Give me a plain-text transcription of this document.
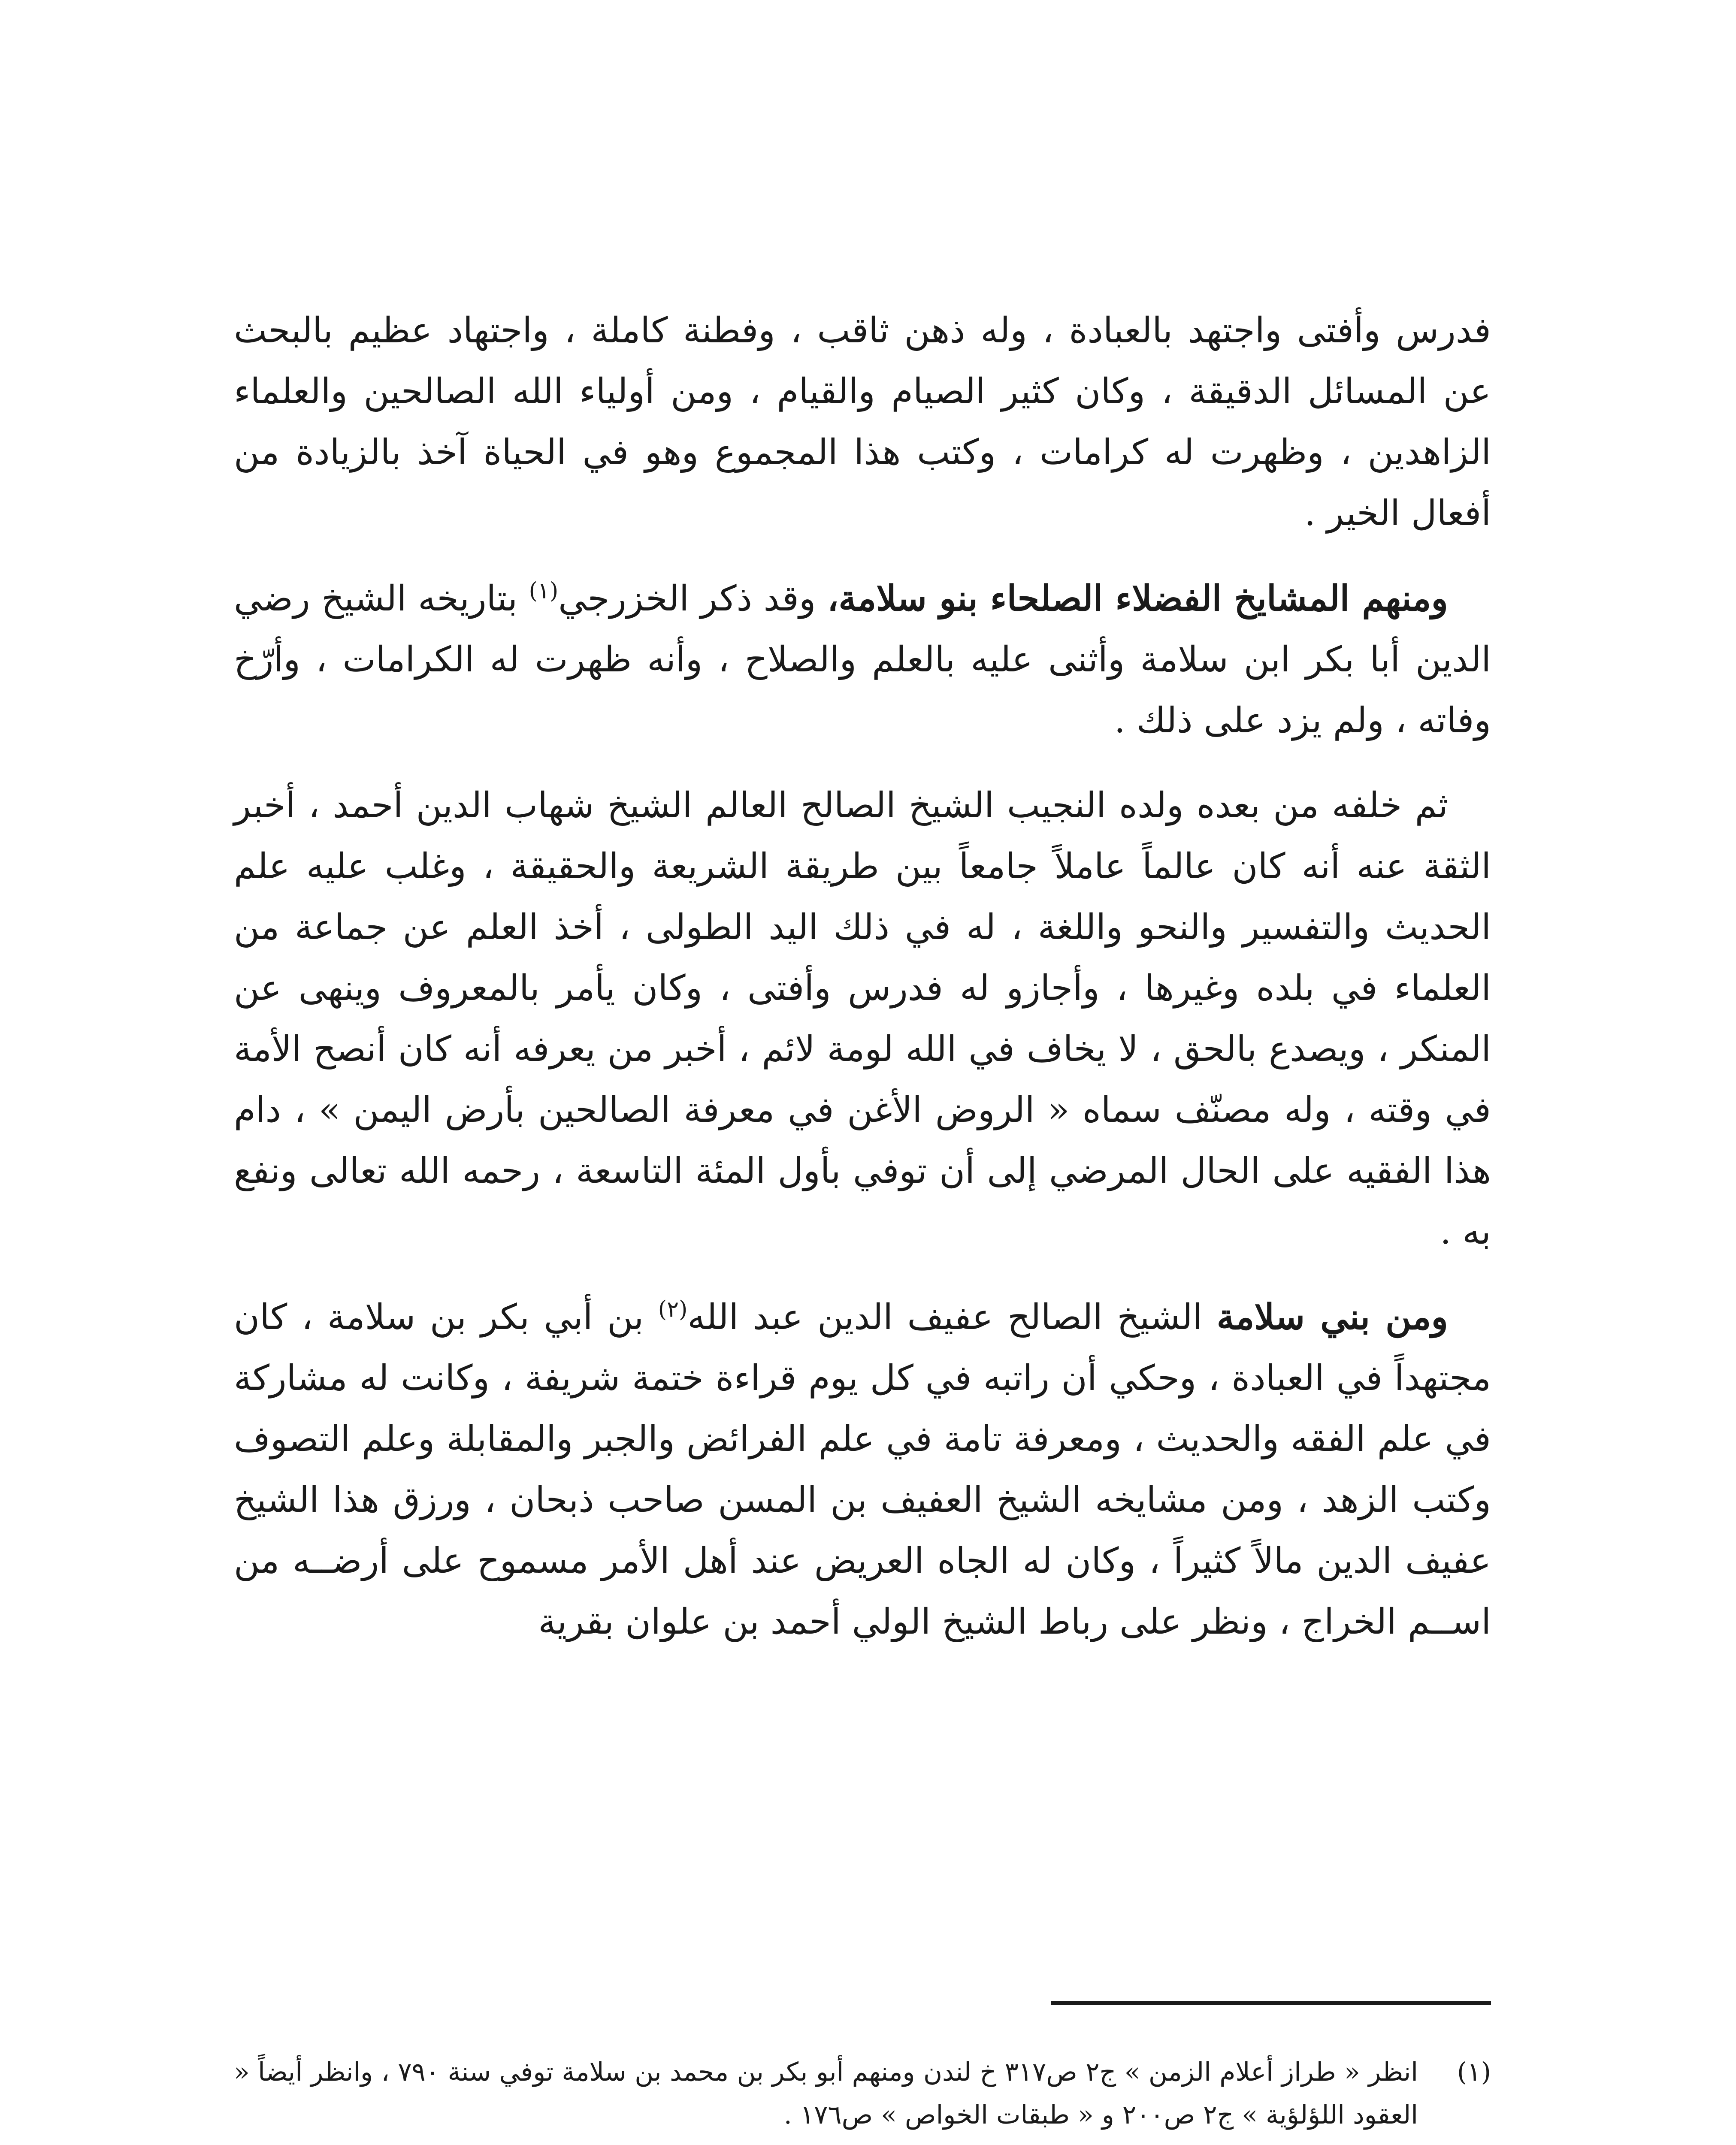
فدرس وأفتى واجتهد بالعبادة ، وله ذهن ثاقب ، وفطنة كاملة ، واجتهاد عظيم بالبحث عن المسائل الدقيقة ، وكان كثير الصيام والقيام ، ومن أولياء الله الصالحين والعلماء الزاهدين ، وظهرت له كرامات ، وكتب هذا المجموع وهو في الحياة آخذ بالزيادة من أفعال الخير .

ومنهم المشايخ الفضلاء الصلحاء بنو سلامة، وقد ذكر الخزرجي$^{(١)}$ بتاريخه الشيخ رضي الدين أبا بكر ابن سلامة وأثنى عليه بالعلم والصلاح ، وأنه ظهرت له الكرامات ، وأرّخ وفاته ، ولم يزد على ذلك .

ثم خلفه من بعده ولده النجيب الشيخ الصالح العالم الشيخ شهاب الدين أحمد ، أخبر الثقة عنه أنه كان عالماً عاملاً جامعاً بين طريقة الشريعة والحقيقة ، وغلب عليه علم الحديث والتفسير والنحو واللغة ، له في ذلك اليد الطولى ، أخذ العلم عن جماعة من العلماء في بلده وغيرها ، وأجازو له فدرس وأفتى ، وكان يأمر بالمعروف وينهى عن المنكر ، ويصدع بالحق ، لا يخاف في الله لومة لائم ، أخبر من يعرفه أنه كان أنصح الأمة في وقته ، وله مصنّف سماه « الروض الأغن في معرفة الصالحين بأرض اليمن » ، دام هذا الفقيه على الحال المرضي إلى أن توفي بأول المئة التاسعة ، رحمه الله تعالى ونفع به .

ومن بني سلامة الشيخ الصالح عفيف الدين عبد الله$^{(٢)}$ بن أبي بكر بن سلامة ، كان مجتهداً في العبادة ، وحكي أن راتبه في كل يوم قراءة ختمة شريفة ، وكانت له مشاركة في علم الفقه والحديث ، ومعرفة تامة في علم الفرائض والجبر والمقابلة وعلم التصوف وكتب الزهد ، ومن مشايخه الشيخ العفيف بن المسن صاحب ذبحان ، ورزق هذا الشيخ عفيف الدين مالاً كثيراً ، وكان له الجاه العريض عند أهل الأمر مسموح على أرضــه من اســم الخراج ، ونظر على رباط الشيخ الولي أحمد بن علوان بقرية

(١)
انظر « طراز أعلام الزمن » ج٢ ص٣١٧ خ لندن ومنهم أبو بكر بن محمد بن سلامة توفي سنة ٧٩٠ ، وانظر أيضاً « العقود اللؤلؤية » ج٢ ص٢٠٠ و « طبقات الخواص » ص١٧٦ .
